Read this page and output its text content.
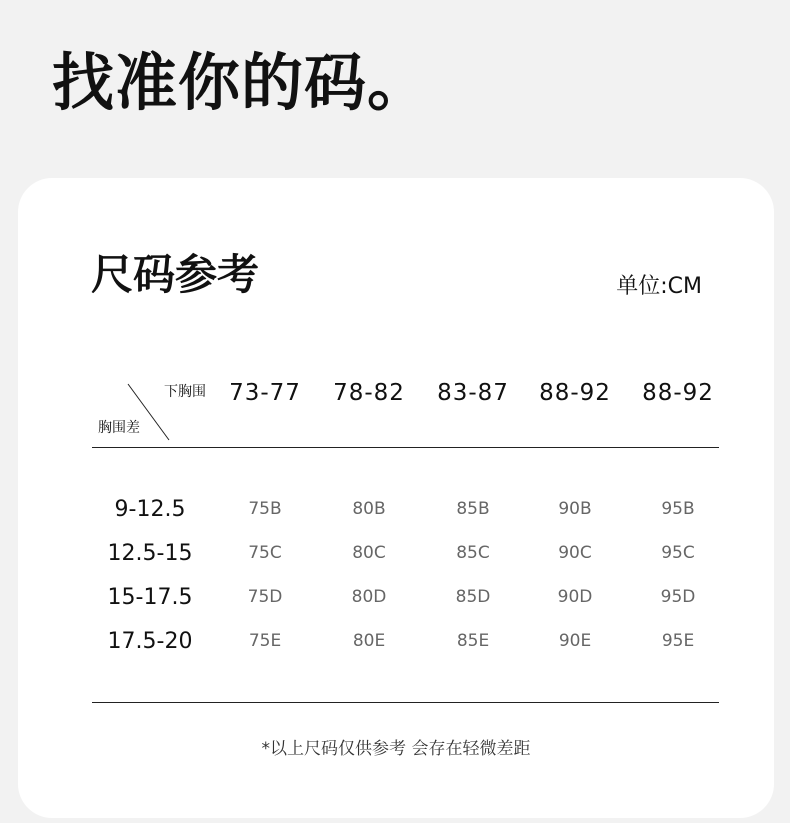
找准你的码。
尺码参考	单位:CM
下胸围
胸围差
73-77	78-82	83-87	88-92	88-92
9-12.5	75B	80B	85B	90B	95B
12.5-15	75C	80C	85C	90C	95C
15-17.5	75D	80D	85D	90D	95D
17.5-20	75E	80E	85E	90E	95E
*以上尺码仅供参考 会存在轻微差距
